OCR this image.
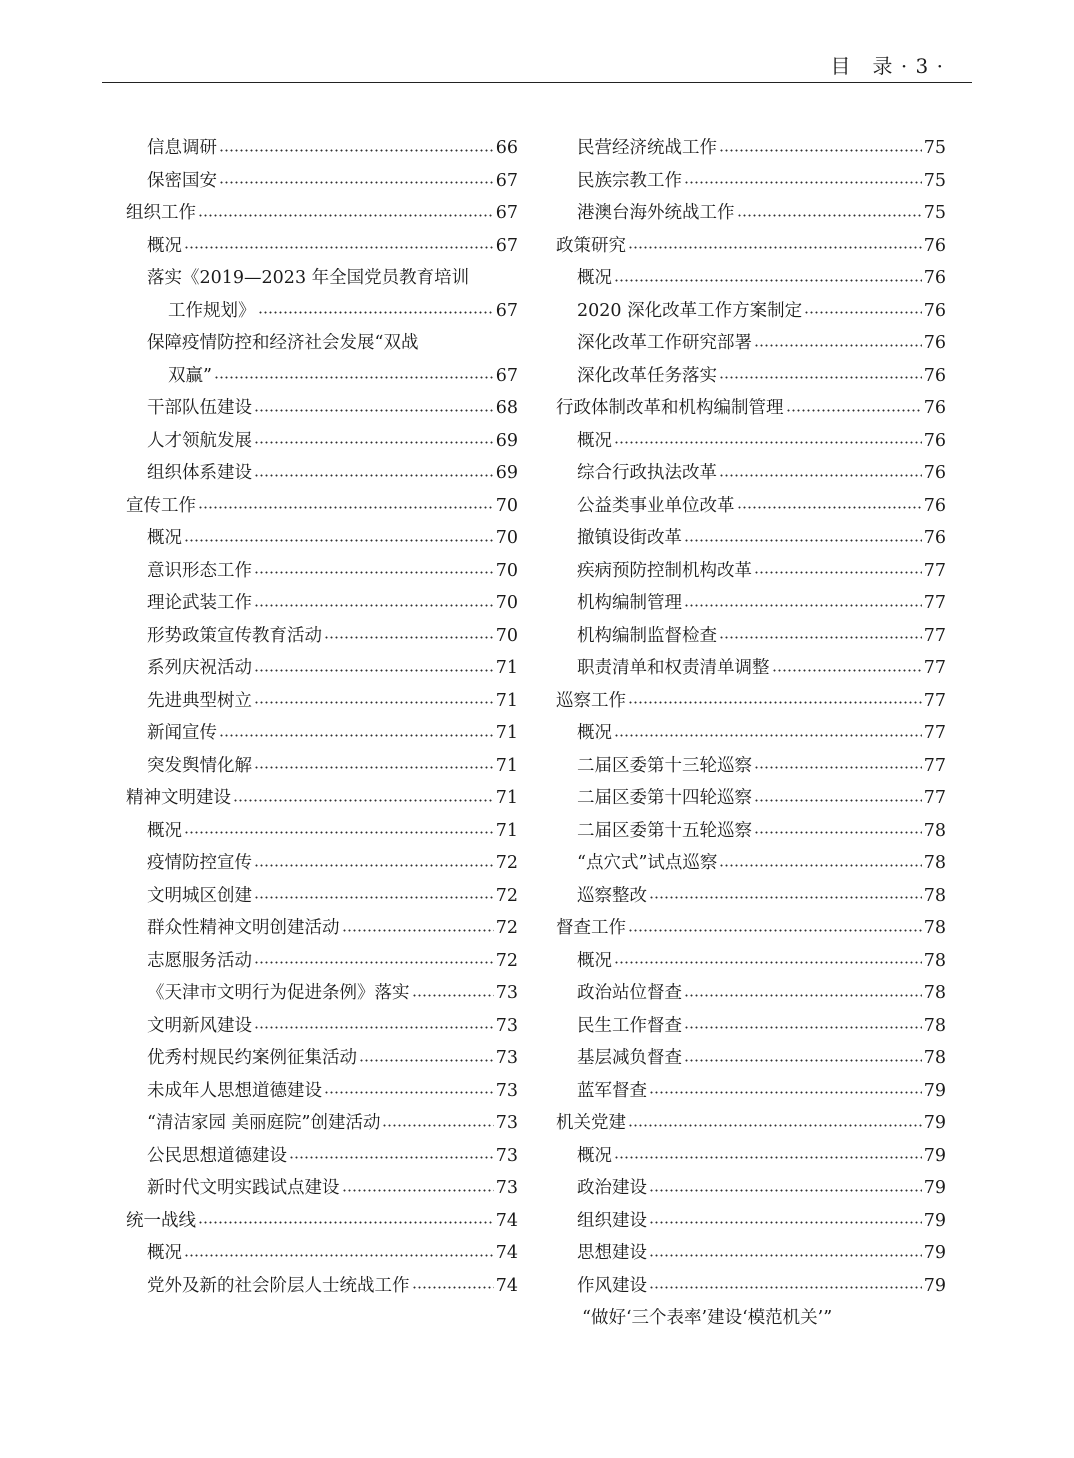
目　录 · 3 ·
信息调研	66
保密国安	67
组织工作	67
概况	67
落实《2019—2023 年全国党员教育培训
工作规划》	67
保障疫情防控和经济社会发展“双战
双赢”	67
干部队伍建设	68
人才领航发展	69
组织体系建设	69
宣传工作	70
概况	70
意识形态工作	70
理论武装工作	70
形势政策宣传教育活动	70
系列庆祝活动	71
先进典型树立	71
新闻宣传	71
突发舆情化解	71
精神文明建设	71
概况	71
疫情防控宣传	72
文明城区创建	72
群众性精神文明创建活动	72
志愿服务活动	72
《天津市文明行为促进条例》落实	73
文明新风建设	73
优秀村规民约案例征集活动	73
未成年人思想道德建设	73
“清洁家园 美丽庭院”创建活动	73
公民思想道德建设	73
新时代文明实践试点建设	73
统一战线	74
概况	74
党外及新的社会阶层人士统战工作	74
民营经济统战工作	75
民族宗教工作	75
港澳台海外统战工作	75
政策研究	76
概况	76
2020 深化改革工作方案制定	76
深化改革工作研究部署	76
深化改革任务落实	76
行政体制改革和机构编制管理	76
概况	76
综合行政执法改革	76
公益类事业单位改革	76
撤镇设街改革	76
疾病预防控制机构改革	77
机构编制管理	77
机构编制监督检查	77
职责清单和权责清单调整	77
巡察工作	77
概况	77
二届区委第十三轮巡察	77
二届区委第十四轮巡察	77
二届区委第十五轮巡察	78
“点穴式”试点巡察	78
巡察整改	78
督查工作	78
概况	78
政治站位督查	78
民生工作督查	78
基层减负督查	78
蓝军督查	79
机关党建	79
概况	79
政治建设	79
组织建设	79
思想建设	79
作风建设	79
“做好‘三个表率’建设‘模范机关’”
